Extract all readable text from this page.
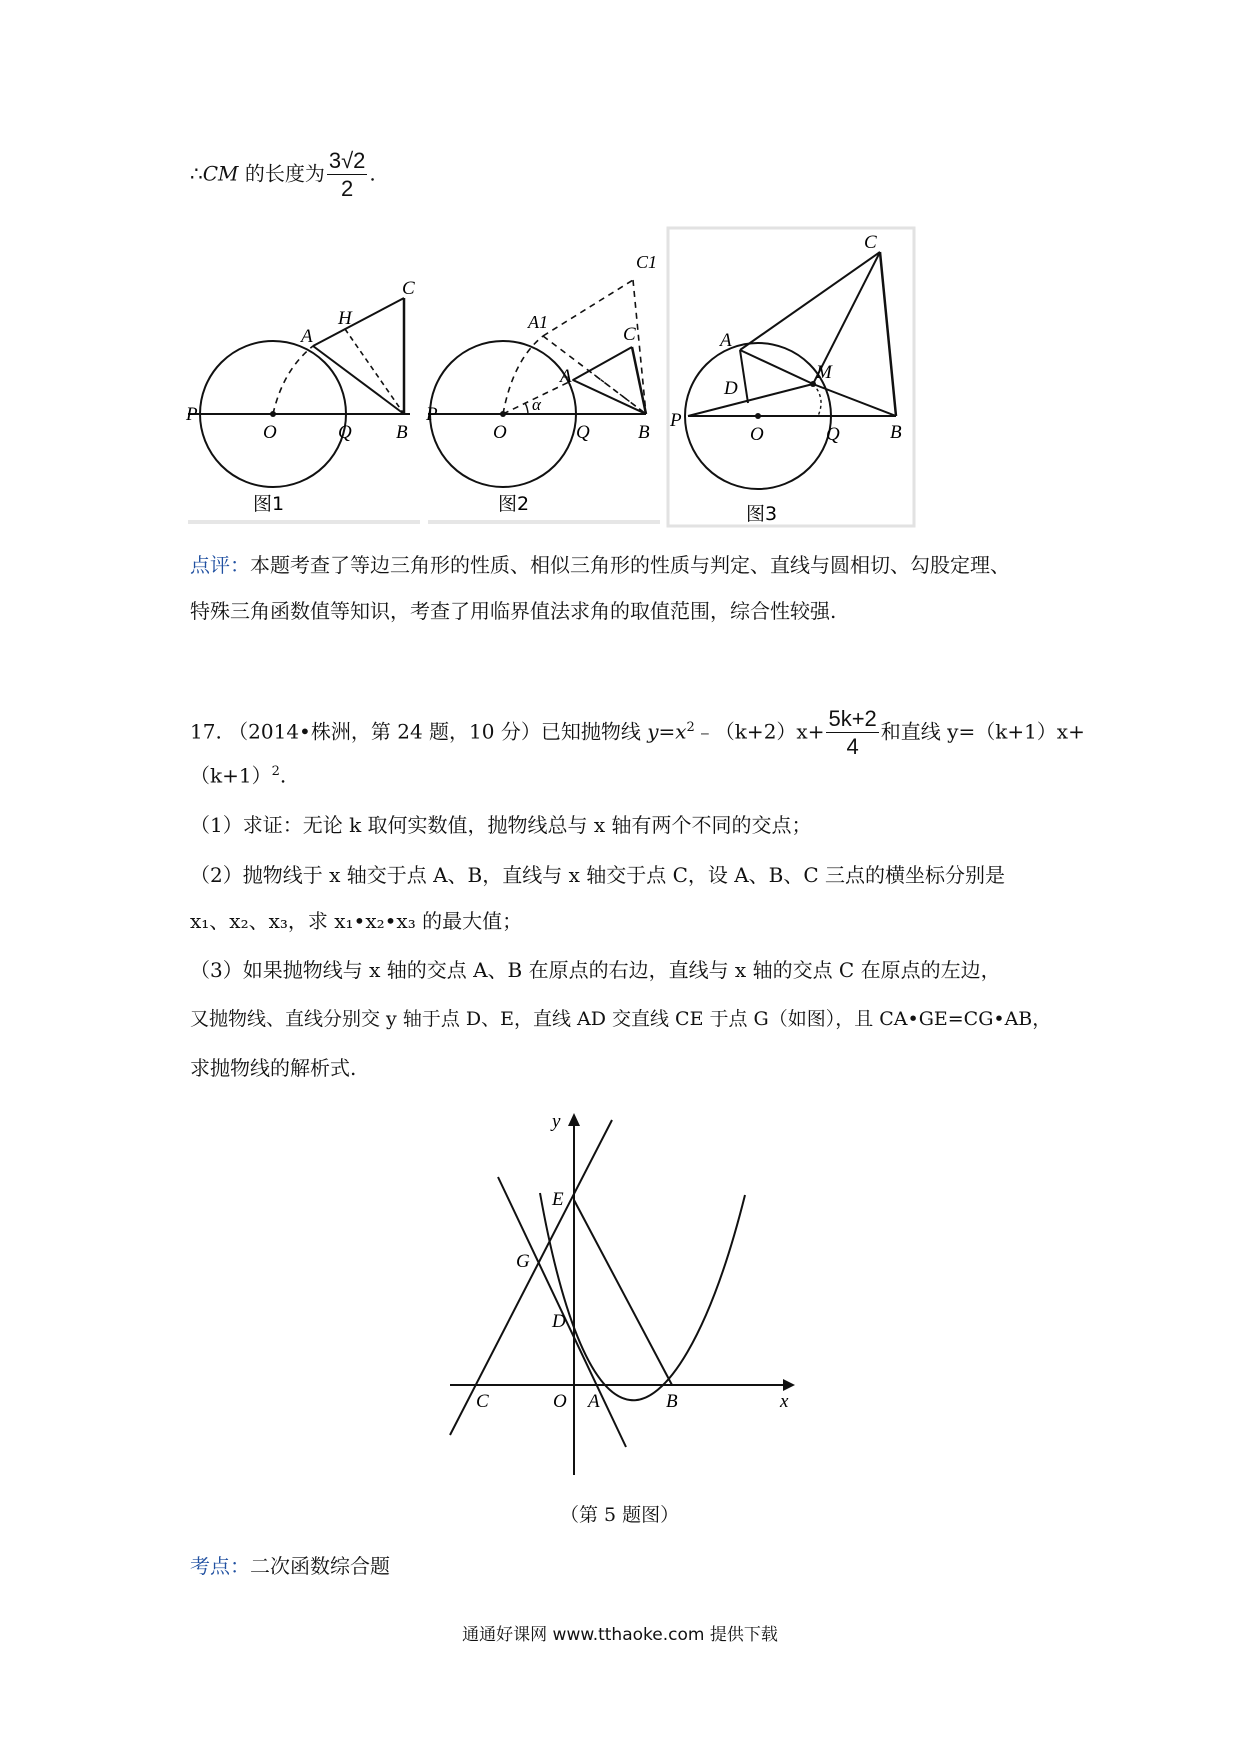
∴CM 的长度为 $\frac{3√2}{2}$ .
C
H
A
P
O	Q B
图1
C1
A1
C
A
α
P
O	Q	B
图2
C
A
M
D
P
O	Q	B
图3
点评：本题考查了等边三角形的性质、相似三角形的性质与判定、直线与圆相切、勾股定理、
特殊三角函数值等知识，考查了用临界值法求角的取值范围，综合性较强.
17. （2014•株洲，第 24 题，10 分）已知抛物线 $y=x^2﹣(k+2)x+ \frac{5k+2}{4}$ 和直线 y=（k+1）x+
$(k+1)^2$.
（1）求证：无论 k 取何实数值，抛物线总与 x 轴有两个不同的交点；
（2）抛物线于 x 轴交于点 A、B，直线与 x 轴交于点 C，设 A、B、C 三点的横坐标分别是
x₁、x₂、x₃，求 x₁•x₂•x₃ 的最大值；
（3）如果抛物线与 x 轴的交点 A、B 在原点的右边，直线与 x 轴的交点 C 在原点的左边，
又抛物线、直线分别交 y 轴于点 D、E，直线 AD 交直线 CE 于点 G（如图），且 CA•GE=CG•AB，
求抛物线的解析式.
y
E
G
D
C	O A	B	x
（第 5 题图）
考点：二次函数综合题
通通好课网 www.tthaoke.com 提供下载
